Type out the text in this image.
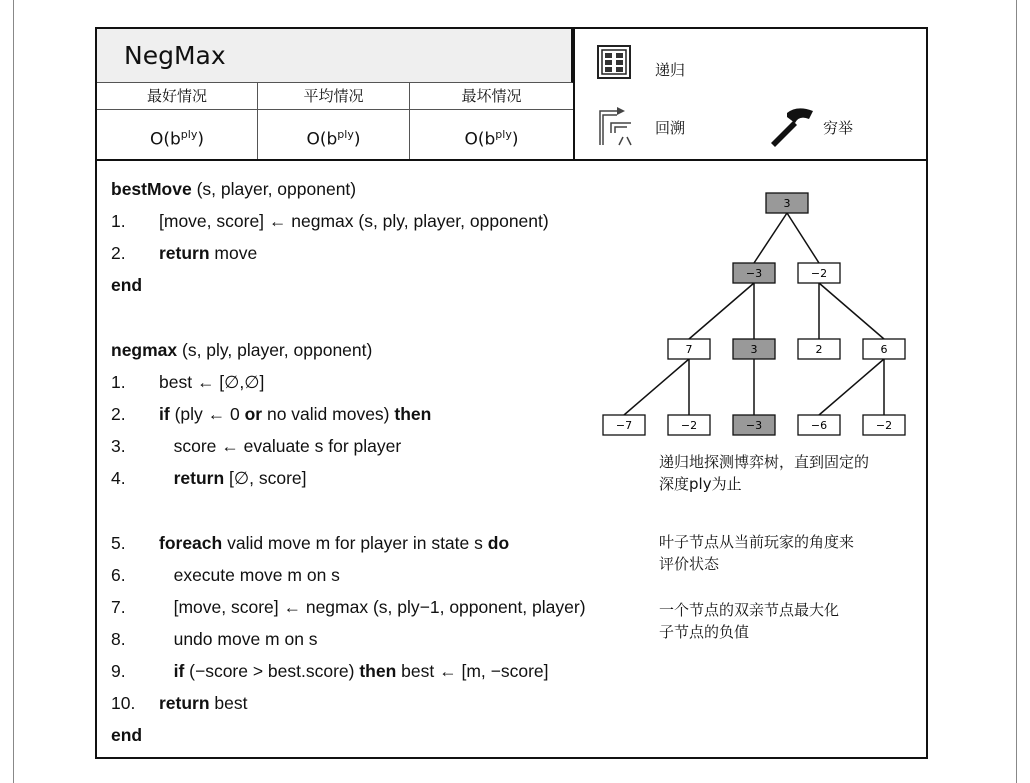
NegMax
最好情况	平均情况	最坏情况
$O(b^{ply})$	$O(b^{ply})$	$O(b^{ply})$
递归
回溯	穷举
bestMove (s, player, opponent)
1. [move, score] ← negmax (s, ply, player, opponent)
2. return move
end
negmax (s, ply, player, opponent)
1. best ← [∅,∅]
2. if (ply ← 0 or no valid moves) then
3. score ← evaluate s for player
4. return [∅, score]
5. foreach valid move m for player in state s do
6. execute move m on s
7. [move, score] ← negmax (s, ply−1, opponent, player)
8. undo move m on s
9. if (−score > best.score) then best ← [m, −score]
10. return best
end
递归地探测博弈树，直到固定的
深度ply为止
叶子节点从当前玩家的角度来
评价状态
一个节点的双亲节点最大化
子节点的负值
3
−3	−2
7	3	2	6
−7	−2	−3	−6	−2
